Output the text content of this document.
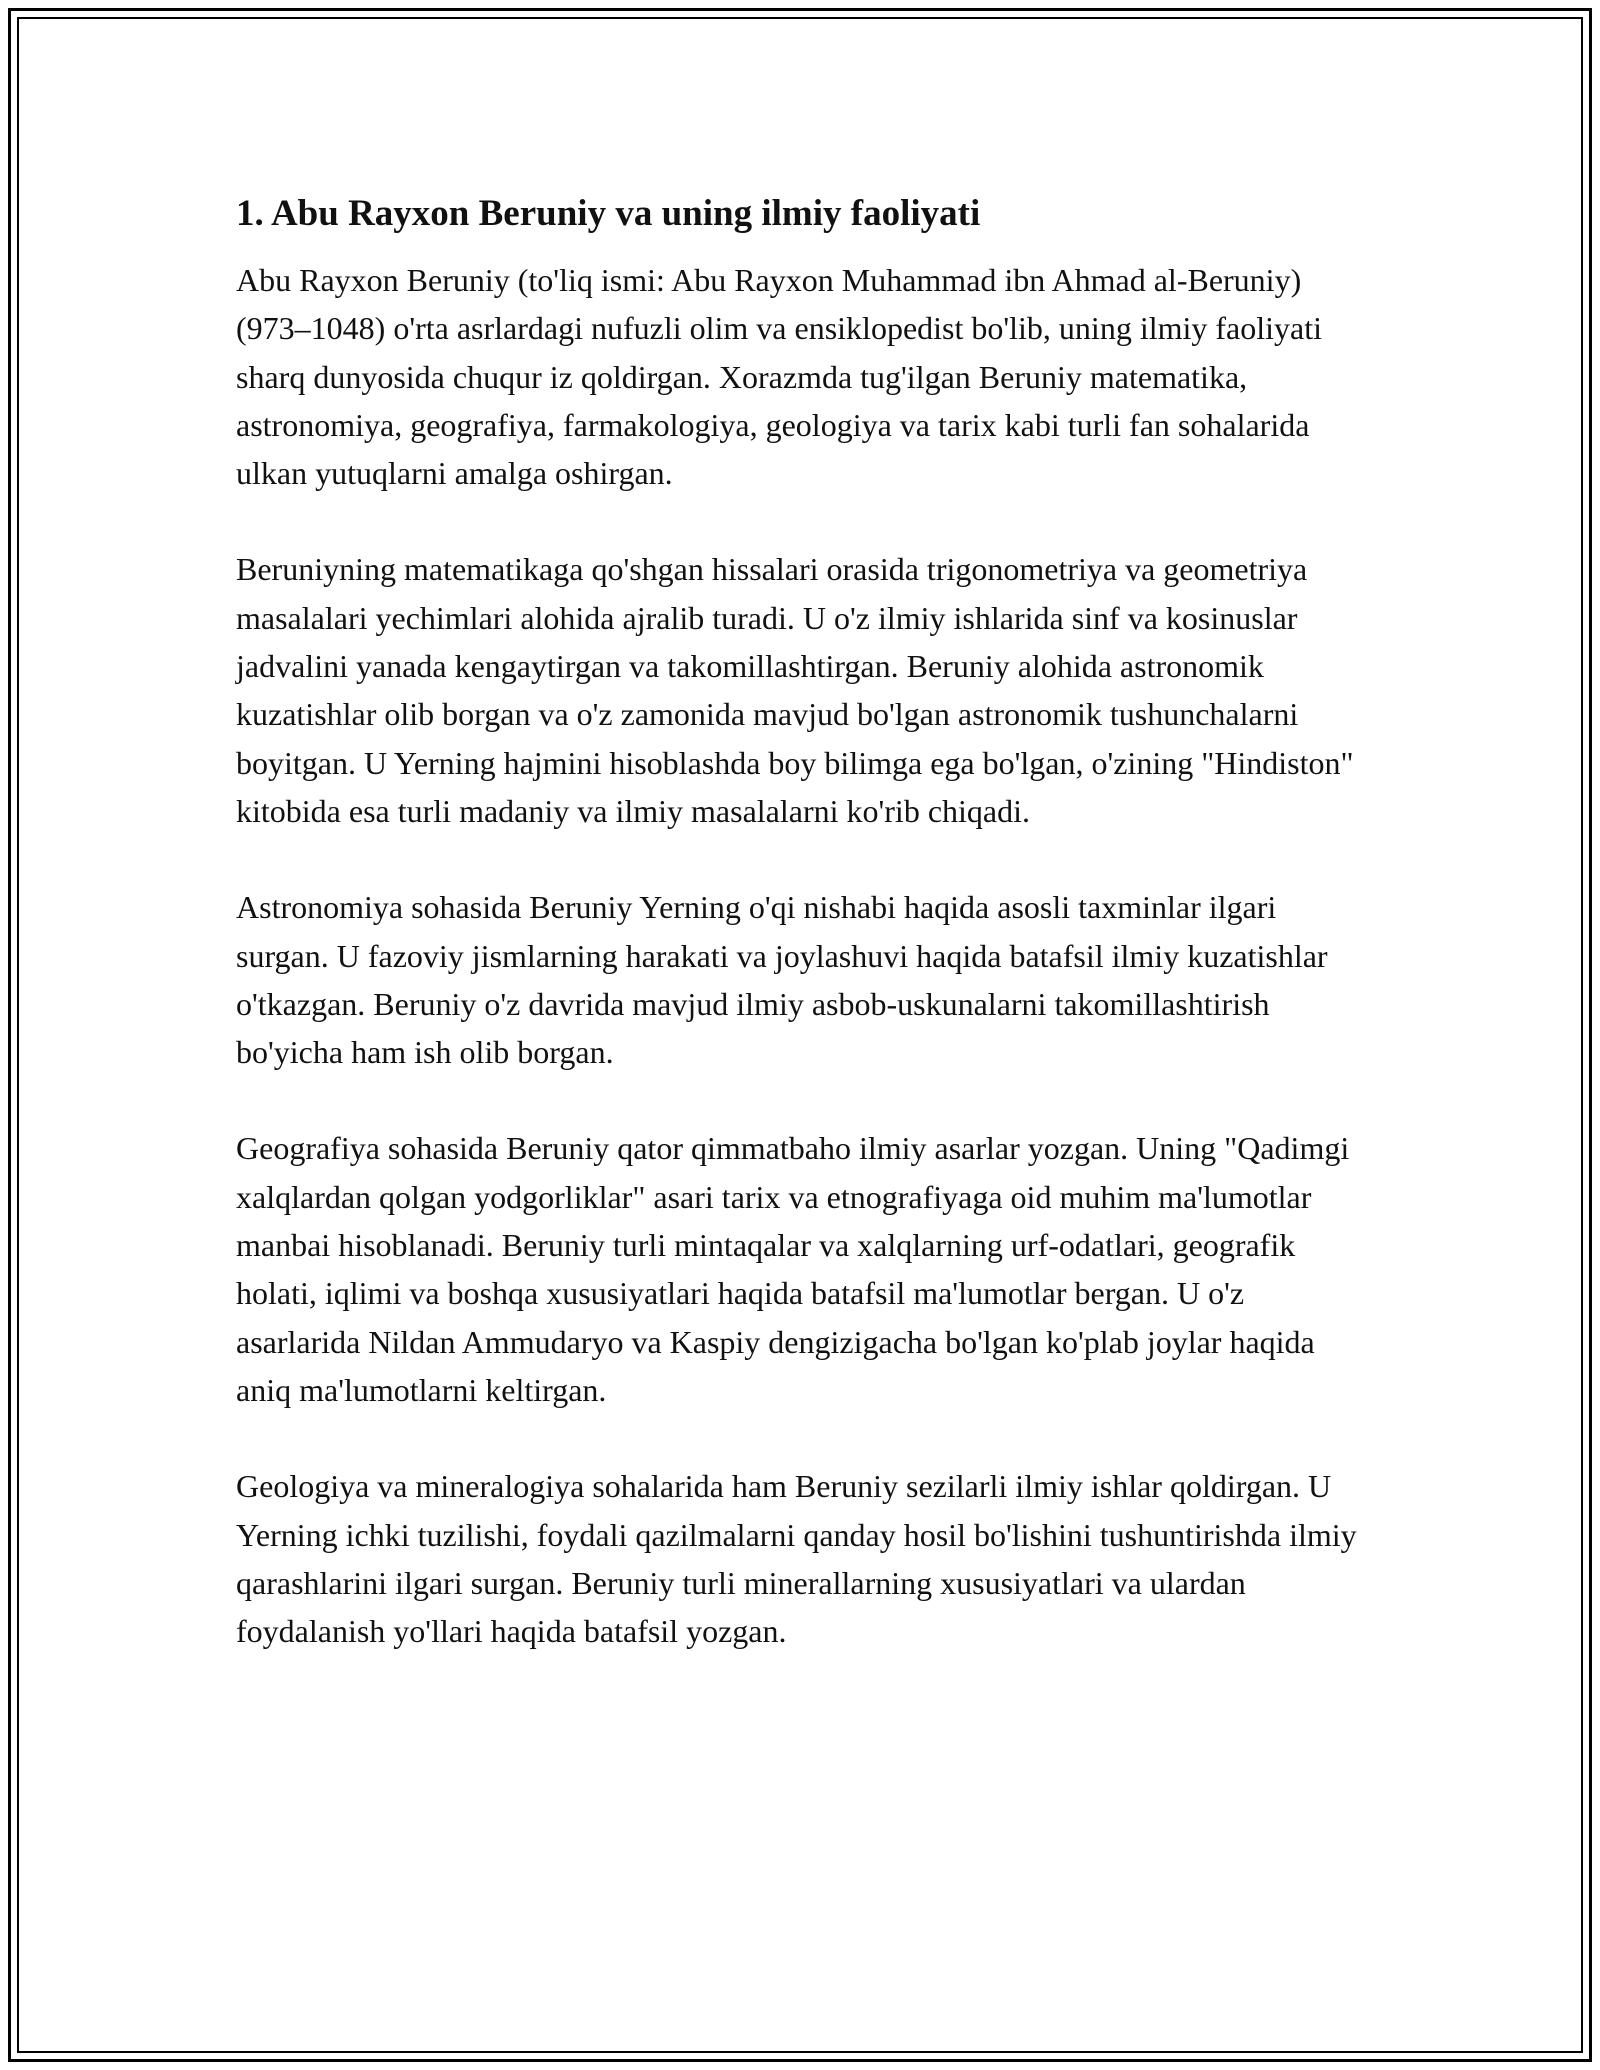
1. Abu Rayxon Beruniy va uning ilmiy faoliyati

Abu Rayxon Beruniy (to'liq ismi: Abu Rayxon Muhammad ibn Ahmad al-Beruniy) (973–1048) o'rta asrlardagi nufuzli olim va ensiklopedist bo'lib, uning ilmiy faoliyati sharq dunyosida chuqur iz qoldirgan. Xorazmda tug'ilgan Beruniy matematika, astronomiya, geografiya, farmakologiya, geologiya va tarix kabi turli fan sohalarida ulkan yutuqlarni amalga oshirgan.

Beruniyning matematikaga qo'shgan hissalari orasida trigonometriya va geometriya masalalari yechimlari alohida ajralib turadi. U o'z ilmiy ishlarida sinf va kosinuslar jadvalini yanada kengaytirgan va takomillashtirgan. Beruniy alohida astronomik kuzatishlar olib borgan va o'z zamonida mavjud bo'lgan astronomik tushunchalarni boyitgan. U Yerning hajmini hisoblashda boy bilimga ega bo'lgan, o'zining "Hindiston" kitobida esa turli madaniy va ilmiy masalalarni ko'rib chiqadi.

Astronomiya sohasida Beruniy Yerning o'qi nishabi haqida asosli taxminlar ilgari surgan. U fazoviy jismlarning harakati va joylashuvi haqida batafsil ilmiy kuzatishlar o'tkazgan. Beruniy o'z davrida mavjud ilmiy asbob-uskunalarni takomillashtirish bo'yicha ham ish olib borgan.

Geografiya sohasida Beruniy qator qimmatbaho ilmiy asarlar yozgan. Uning "Qadimgi xalqlardan qolgan yodgorliklar" asari tarix va etnografiyaga oid muhim ma'lumotlar manbai hisoblanadi. Beruniy turli mintaqalar va xalqlarning urf-odatlari, geografik holati, iqlimi va boshqa xususiyatlari haqida batafsil ma'lumotlar bergan. U o'z asarlarida Nildan Ammudaryo va Kaspiy dengizigacha bo'lgan ko'plab joylar haqida aniq ma'lumotlarni keltirgan.

Geologiya va mineralogiya sohalarida ham Beruniy sezilarli ilmiy ishlar qoldirgan. U Yerning ichki tuzilishi, foydali qazilmalarni qanday hosil bo'lishini tushuntirishda ilmiy qarashlarini ilgari surgan. Beruniy turli minerallarning xususiyatlari va ulardan foydalanish yo'llari haqida batafsil yozgan.
